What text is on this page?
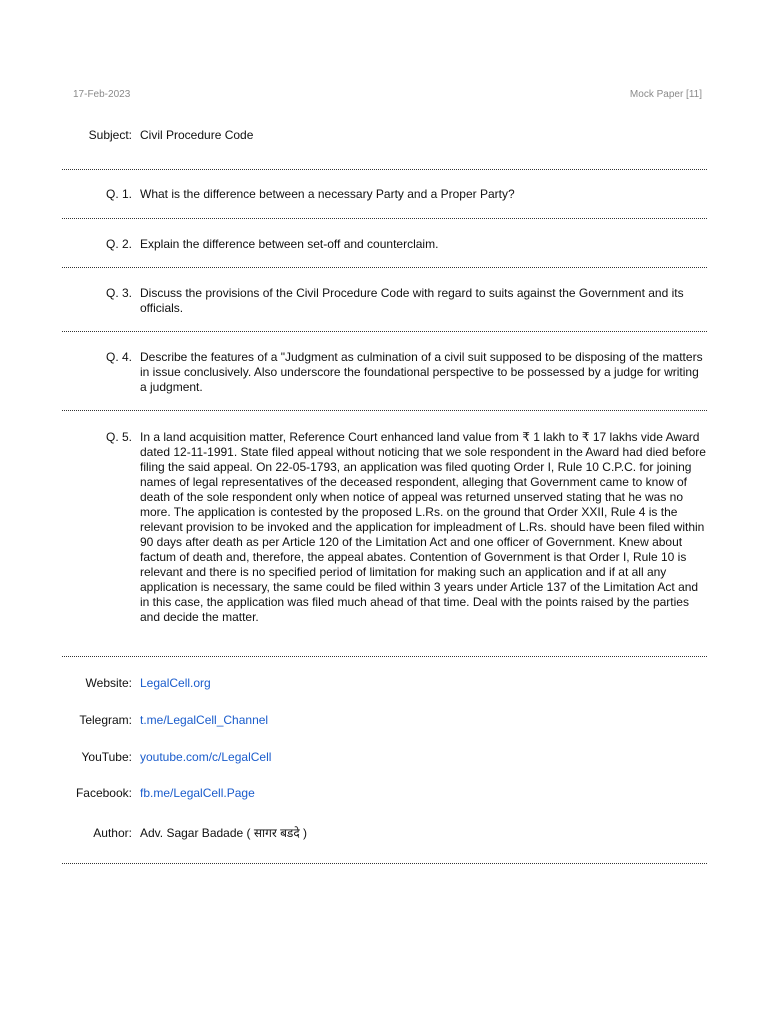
17-Feb-2023	Mock Paper [11]
Subject: Civil Procedure Code
Q. 1. What is the difference between a necessary Party and a Proper Party?
Q. 2. Explain the difference between set-off and counterclaim.
Q. 3. Discuss the provisions of the Civil Procedure Code with regard to suits against the Government and its officials.
Q. 4. Describe the features of a "Judgment as culmination of a civil suit supposed to be disposing of the matters in issue conclusively. Also underscore the foundational perspective to be possessed by a judge for writing a judgment.
Q. 5. In a land acquisition matter, Reference Court enhanced land value from ₹ 1 lakh to ₹ 17 lakhs vide Award dated 12-11-1991. State filed appeal without noticing that we sole respondent in the Award had died before filing the said appeal. On 22-05-1793, an application was filed quoting Order I, Rule 10 C.P.C. for joining names of legal representatives of the deceased respondent, alleging that Government came to know of death of the sole respondent only when notice of appeal was returned unserved stating that he was no more. The application is contested by the proposed L.Rs. on the ground that Order XXII, Rule 4 is the relevant provision to be invoked and the application for impleadment of L.Rs. should have been filed within 90 days after death as per Article 120 of the Limitation Act and one officer of Government. Knew about factum of death and, therefore, the appeal abates. Contention of Government is that Order I, Rule 10 is relevant and there is no specified period of limitation for making such an application and if at all any application is necessary, the same could be filed within 3 years under Article 137 of the Limitation Act and in this case, the application was filed much ahead of that time. Deal with the points raised by the parties and decide the matter.
Website: LegalCell.org
Telegram: t.me/LegalCell_Channel
YouTube: youtube.com/c/LegalCell
Facebook: fb.me/LegalCell.Page
Author: Adv. Sagar Badade ( सागर बडदे )
